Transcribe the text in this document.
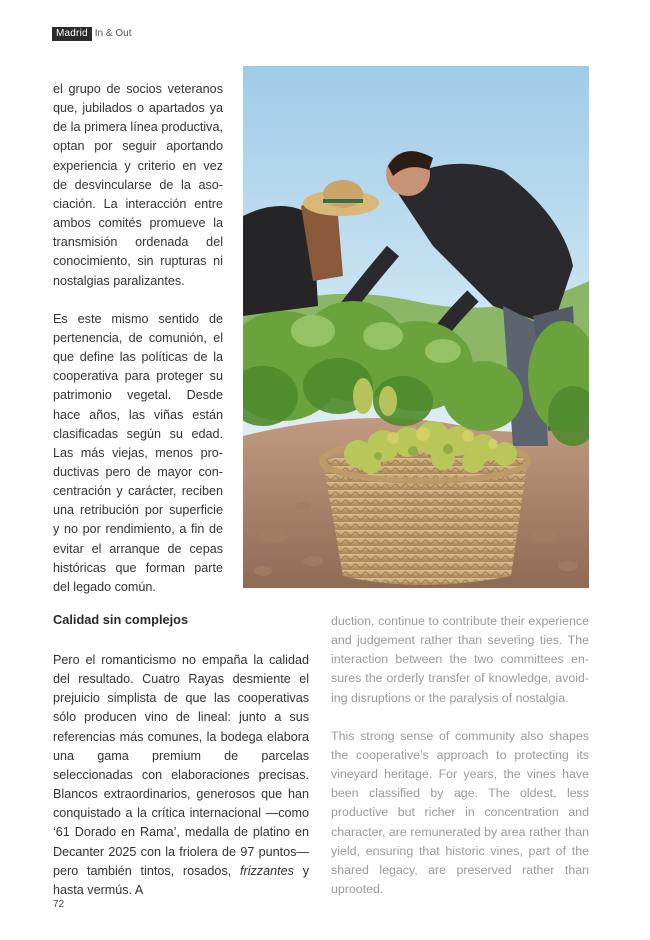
Madrid In & Out

el grupo de socios veteranos que, jubilados o apartados ya de la primera línea productiva, optan por seguir aportando experiencia y criterio en vez de desvincularse de la asociación. La interacción entre ambos comités promueve la transmisión ordenada del conocimiento, sin rupturas ni nostalgias paralizantes.

Es este mismo sentido de pertenencia, de comunión, el que define las políticas de la cooperativa para proteger su patrimonio vegetal. Desde hace años, las viñas están clasificadas según su edad. Las más viejas, menos productivas pero de mayor concentración y carácter, reciben una retribución por superficie y no por rendimiento, a fin de evitar el arranque de cepas históricas que forman parte del legado común.

Calidad sin complejos

Pero el romanticismo no empaña la calidad del resultado. Cuatro Rayas desmiente el prejuicio simplista de que las cooperativas sólo producen vino de lineal: junto a sus referencias más comunes, la bodega elabora una gama premium de parcelas seleccionadas con elaboraciones precisas. Blancos extraordinarios, generosos que han conquistado a la crítica internacional —como ‘61 Dorado en Rama’, medalla de platino en Decanter 2025 con la friolera de 97 puntos—pero también tintos, rosados, frizzantes y hasta vermús. A

duction, continue to contribute their experience and judgement rather than severing ties. The interaction between the two committees ensures the orderly transfer of knowledge, avoiding disruptions or the paralysis of nostalgia.

This strong sense of community also shapes the cooperative’s approach to protecting its vineyard heritage. For years, the vines have been classified by age. The oldest, less productive but richer in concentration and character, are remunerated by area rather than yield, ensuring that historic vines, part of the shared legacy, are preserved rather than uprooted.

72
